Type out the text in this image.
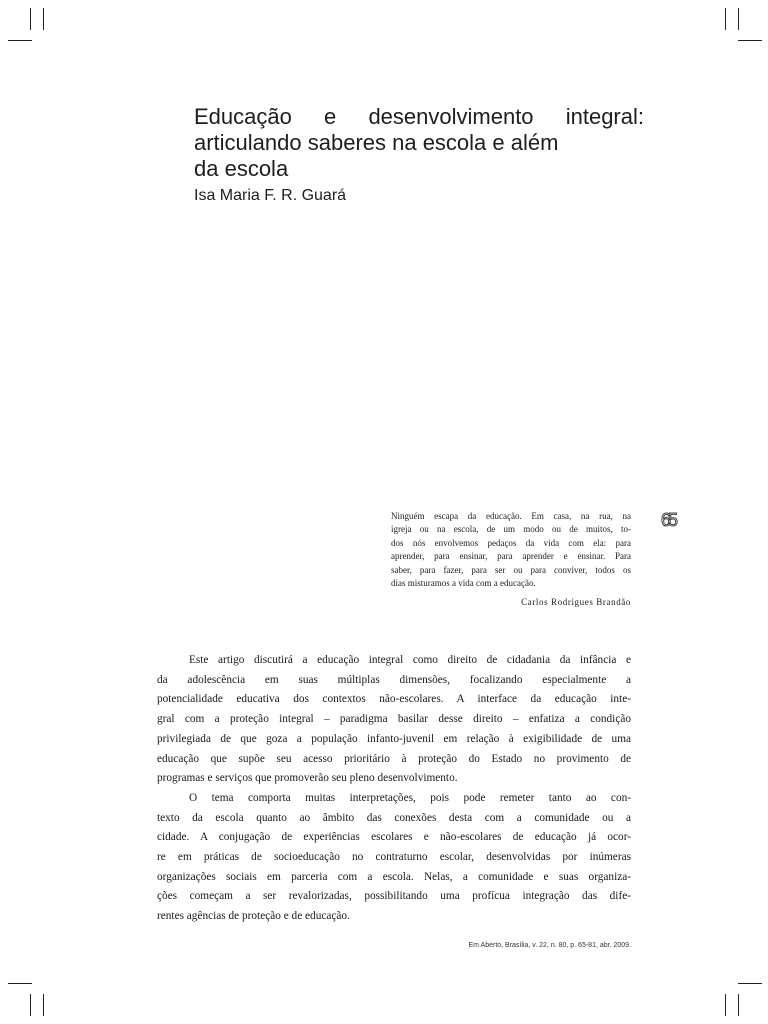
Educação e desenvolvimento integral:
articulando saberes na escola e além
da escola
Isa Maria F. R. Guará
Ninguém escapa da educação. Em casa, na rua, na
igreja ou na escola, de um modo ou de muitos, to-
dos nós envolvemos pedaços da vida com ela: para
aprender, para ensinar, para aprender e ensinar. Para
saber, para fazer, para ser ou para conviver, todos os
dias misturamos a vida com a educação.
Carlos Rodrigues Brandão
65
Este artigo discutirá a educação integral como direito de cidadania da infância e
da adolescência em suas múltiplas dimensões, focalizando especialmente a
potencialidade educativa dos contextos não-escolares. A interface da educação inte-
gral com a proteção integral – paradigma basilar desse direito – enfatiza a condição
privilegiada de que goza a população infanto-juvenil em relação à exigibilidade de uma
educação que supõe seu acesso prioritário à proteção do Estado no provimento de
programas e serviços que promoverão seu pleno desenvolvimento.
O tema comporta muitas interpretações, pois pode remeter tanto ao con-
texto da escola quanto ao âmbito das conexões desta com a comunidade ou a
cidade. A conjugação de experiências escolares e não-escolares de educação já ocor-
re em práticas de socioeducação no contraturno escolar, desenvolvidas por inúmeras
organizações sociais em parceria com a escola. Nelas, a comunidade e suas organiza-
ções começam a ser revalorizadas, possibilitando uma profícua integração das dife-
rentes agências de proteção e de educação.
Em Aberto, Brasília, v. 22, n. 80, p. 65-81, abr. 2009.
